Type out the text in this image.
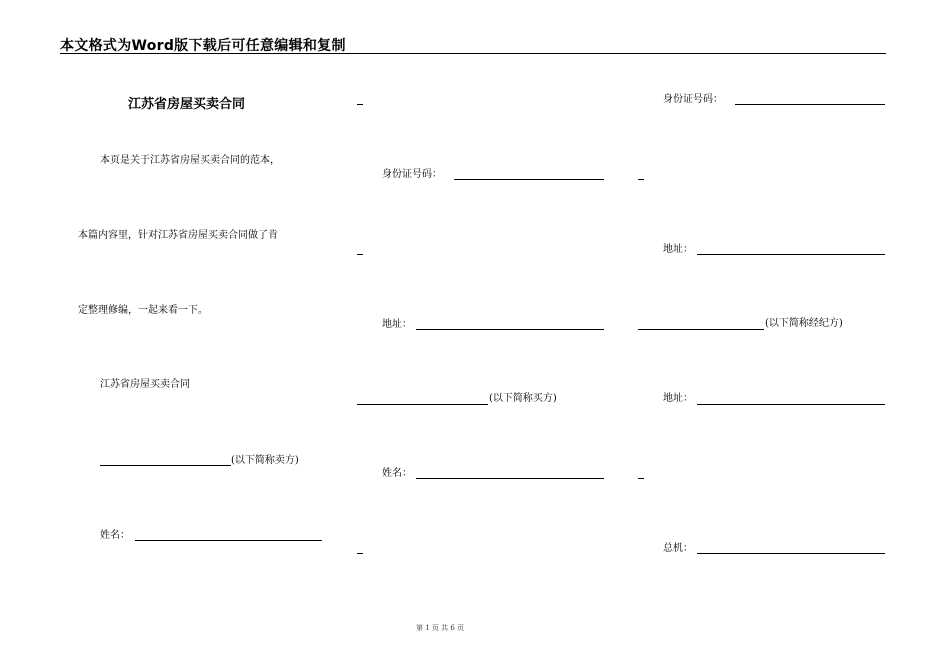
本文格式为Word版下载后可任意编辑和复制
江苏省房屋买卖合同
本页是关于江苏省房屋买卖合同的范本，
本篇内容里，针对江苏省房屋买卖合同做了肯
定整理修编，一起来看一下。
江苏省房屋买卖合同
(以下简称卖方)
姓名：
身份证号码：
地址：
(以下简称买方)
姓名：
身份证号码：
地址：
(以下简称经纪方)
地址：
总机：
第 1 页 共 6 页
